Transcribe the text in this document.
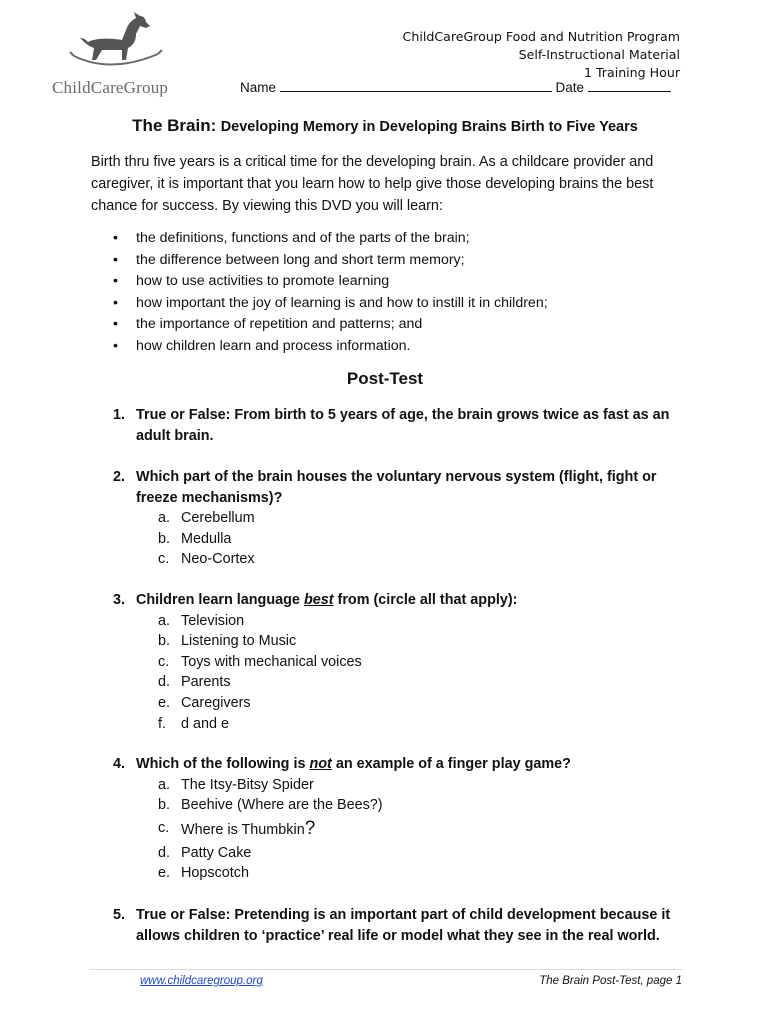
ChildCareGroup
ChildCareGroup Food and Nutrition Program
Self-Instructional Material
1 Training Hour
Name	Date
The Brain: Developing Memory in Developing Brains Birth to Five Years
Birth thru five years is a critical time for the developing brain. As a childcare provider and caregiver, it is important that you learn how to help give those developing brains the best chance for success. By viewing this DVD you will learn:
• the definitions, functions and of the parts of the brain;
• the difference between long and short term memory;
• how to use activities to promote learning
• how important the joy of learning is and how to instill it in children;
• the importance of repetition and patterns; and
• how children learn and process information.
Post-Test
1. True or False: From birth to 5 years of age, the brain grows twice as fast as an adult brain.
2. Which part of the brain houses the voluntary nervous system (flight, fight or freeze mechanisms)?
a. Cerebellum
b. Medulla
c. Neo-Cortex
3. Children learn language best from (circle all that apply):
a. Television
b. Listening to Music
c. Toys with mechanical voices
d. Parents
e. Caregivers
f. d and e
4. Which of the following is not an example of a finger play game?
a. The Itsy-Bitsy Spider
b. Beehive (Where are the Bees?)
c. Where is Thumbkin?
d. Patty Cake
e. Hopscotch
5. True or False: Pretending is an important part of child development because it allows children to ‘practice’ real life or model what they see in the real world.
www.childcaregroup.org	The Brain Post-Test, page 1
